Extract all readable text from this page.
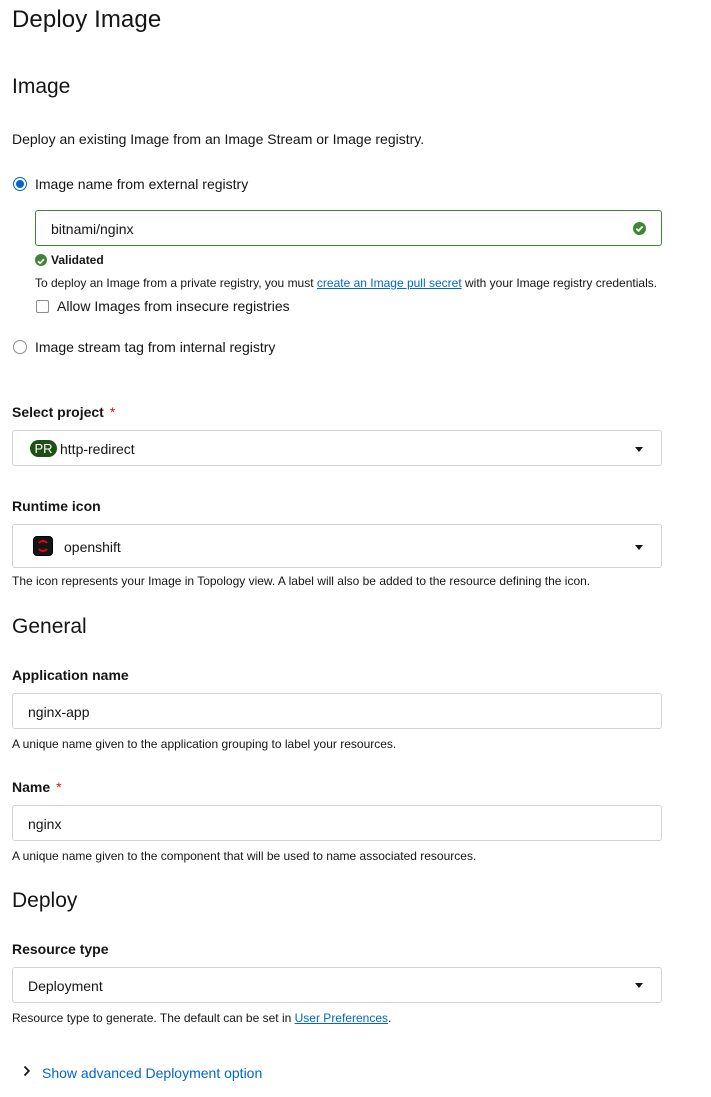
Deploy Image
Image
Deploy an existing Image from an Image Stream or Image registry.
Image name from external registry
bitnami/nginx
Validated
To deploy an Image from a private registry, you must create an Image pull secret with your Image registry credentials.
Allow Images from insecure registries
Image stream tag from internal registry
Select project *
PR http-redirect
Runtime icon
openshift
The icon represents your Image in Topology view. A label will also be added to the resource defining the icon.
General
Application name
nginx-app
A unique name given to the application grouping to label your resources.
Name *
nginx
A unique name given to the component that will be used to name associated resources.
Deploy
Resource type
Deployment
Resource type to generate. The default can be set in User Preferences.
Show advanced Deployment option
